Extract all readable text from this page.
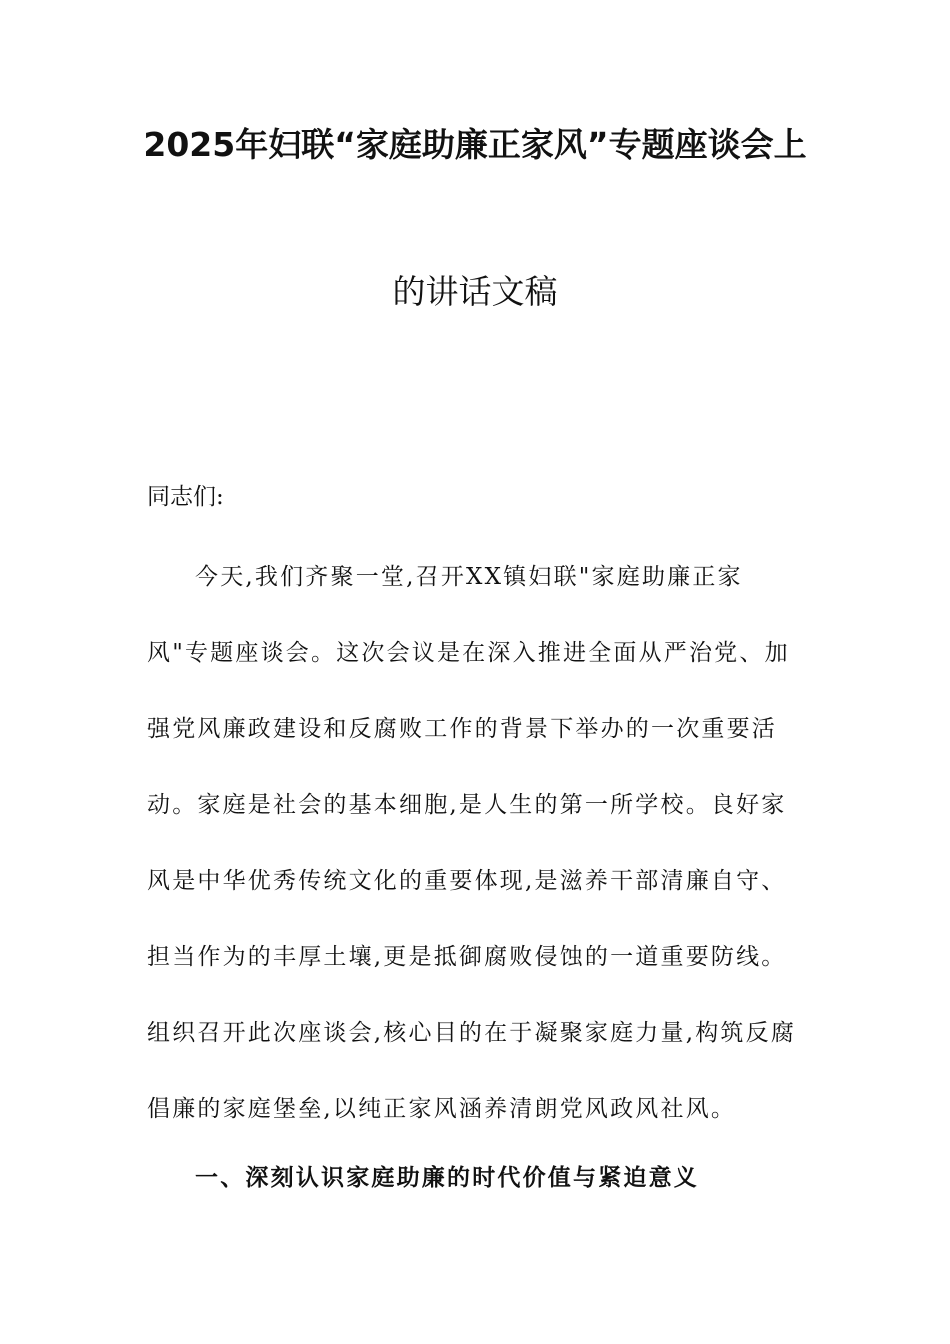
2025年妇联“家庭助廉正家风”专题座谈会上
的讲话文稿
同志们:
今天,我们齐聚一堂,召开XX镇妇联"家庭助廉正家
风"专题座谈会。这次会议是在深入推进全面从严治党、加
强党风廉政建设和反腐败工作的背景下举办的一次重要活
动。家庭是社会的基本细胞,是人生的第一所学校。良好家
风是中华优秀传统文化的重要体现,是滋养干部清廉自守、
担当作为的丰厚土壤,更是抵御腐败侵蚀的一道重要防线。
组织召开此次座谈会,核心目的在于凝聚家庭力量,构筑反腐
倡廉的家庭堡垒,以纯正家风涵养清朗党风政风社风。
一、深刻认识家庭助廉的时代价值与紧迫意义
